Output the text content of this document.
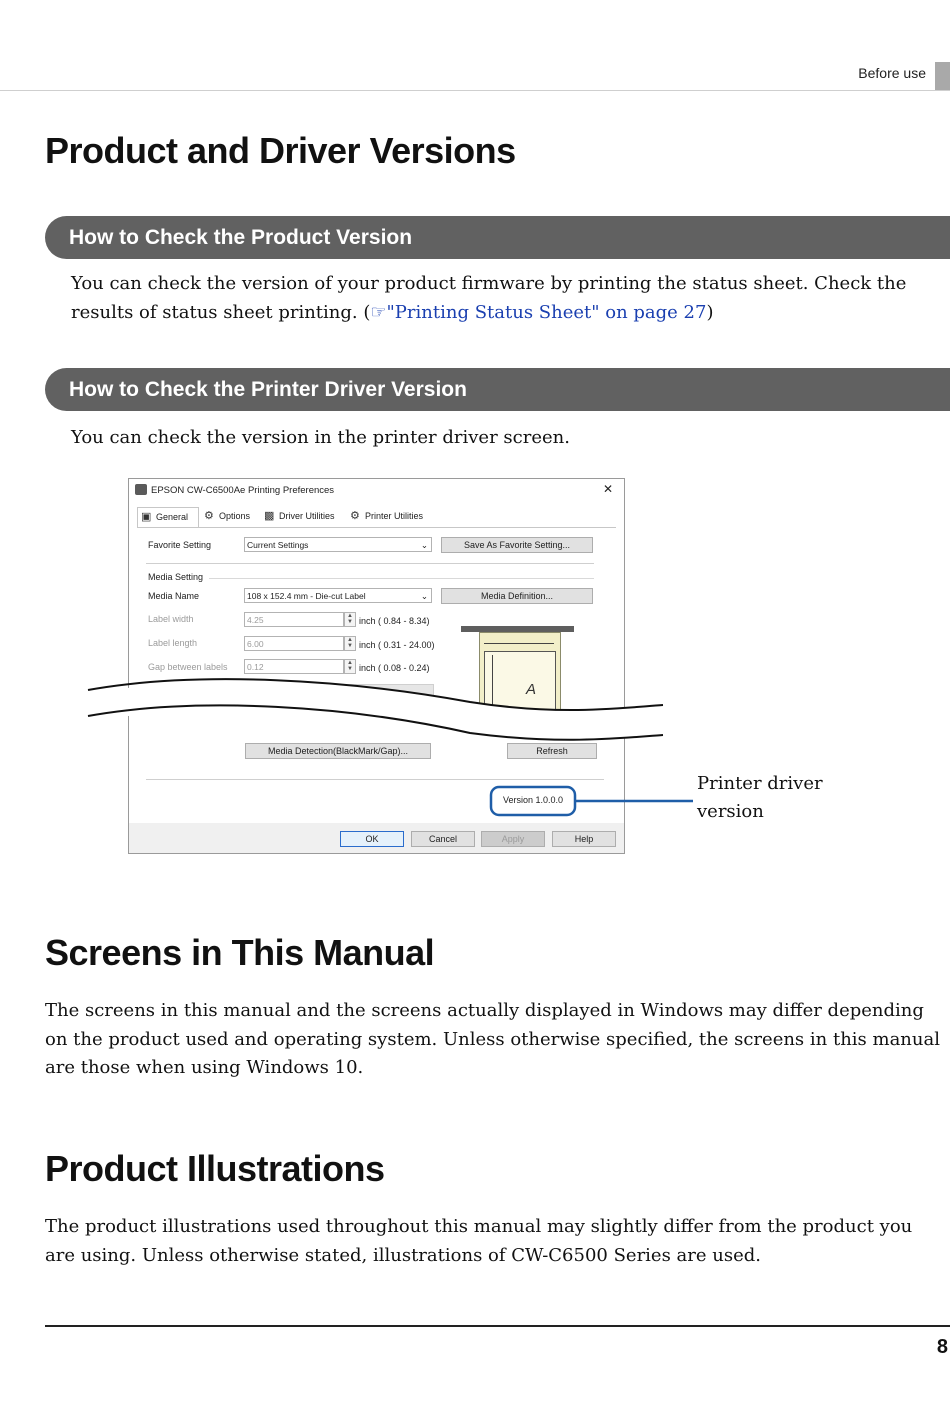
Before use
Product and Driver Versions
How to Check the Product Version
You can check the version of your product firmware by printing the status sheet. Check the results of status sheet printing. (☞"Printing Status Sheet" on page 27)
How to Check the Printer Driver Version
You can check the version in the printer driver screen.
EPSON CW-C6500Ae Printing Preferences	✕
▣ General	⚙ Options	▩ Driver Utilities	⚙ Printer Utilities
Favorite Setting	Current Settings	⌄	Save As Favorite Setting...
Media Setting
Media Name	108 x 152.4 mm - Die-cut Label	⌄	Media Definition...
Label width	4.25	▲
▼ inch ( 0.84 - 8.34)
Label length	6.00	▲
▼ inch ( 0.31 - 24.00)
Gap between labels	0.12	▲
▼ inch ( 0.08 - 0.24)
A
Media Detection(BlackMark/Gap)...	Refresh
Version 1.0.0.0
OK	Cancel	Apply	Help
Printer driver
version
Screens in This Manual
The screens in this manual and the screens actually displayed in Windows may differ depending on the product used and operating system. Unless otherwise specified, the screens in this manual are those when using Windows 10.
Product Illustrations
The product illustrations used throughout this manual may slightly differ from the product you are using. Unless otherwise stated, illustrations of CW-C6500 Series are used.
8
